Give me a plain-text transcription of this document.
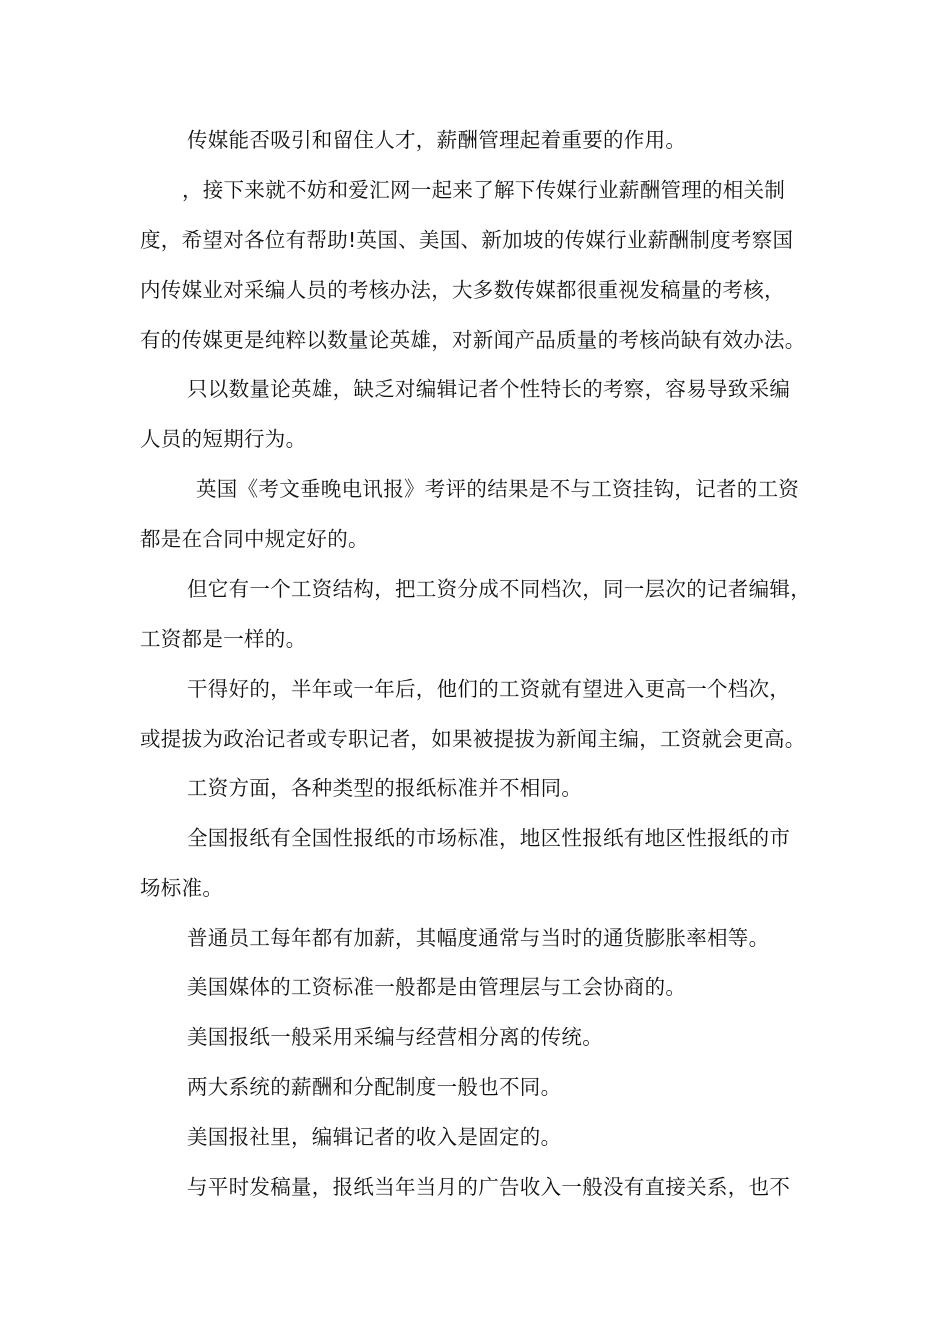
传媒能否吸引和留住人才，薪酬管理起着重要的作用。
，接下来就不妨和爱汇网一起来了解下传媒行业薪酬管理的相关制
度，希望对各位有帮助!英国、美国、新加坡的传媒行业薪酬制度考察国
内传媒业对采编人员的考核办法，大多数传媒都很重视发稿量的考核，
有的传媒更是纯粹以数量论英雄，对新闻产品质量的考核尚缺有效办法。
只以数量论英雄，缺乏对编辑记者个性特长的考察，容易导致采编
人员的短期行为。
英国《考文垂晚电讯报》考评的结果是不与工资挂钩，记者的工资
都是在合同中规定好的。
但它有一个工资结构，把工资分成不同档次，同一层次的记者编辑，
工资都是一样的。
干得好的，半年或一年后，他们的工资就有望进入更高一个档次，
或提拔为政治记者或专职记者，如果被提拔为新闻主编，工资就会更高。
工资方面，各种类型的报纸标准并不相同。
全国报纸有全国性报纸的市场标准，地区性报纸有地区性报纸的市
场标准。
普通员工每年都有加薪，其幅度通常与当时的通货膨胀率相等。
美国媒体的工资标准一般都是由管理层与工会协商的。
美国报纸一般采用采编与经营相分离的传统。
两大系统的薪酬和分配制度一般也不同。
美国报社里，编辑记者的收入是固定的。
与平时发稿量，报纸当年当月的广告收入一般没有直接关系，也不
